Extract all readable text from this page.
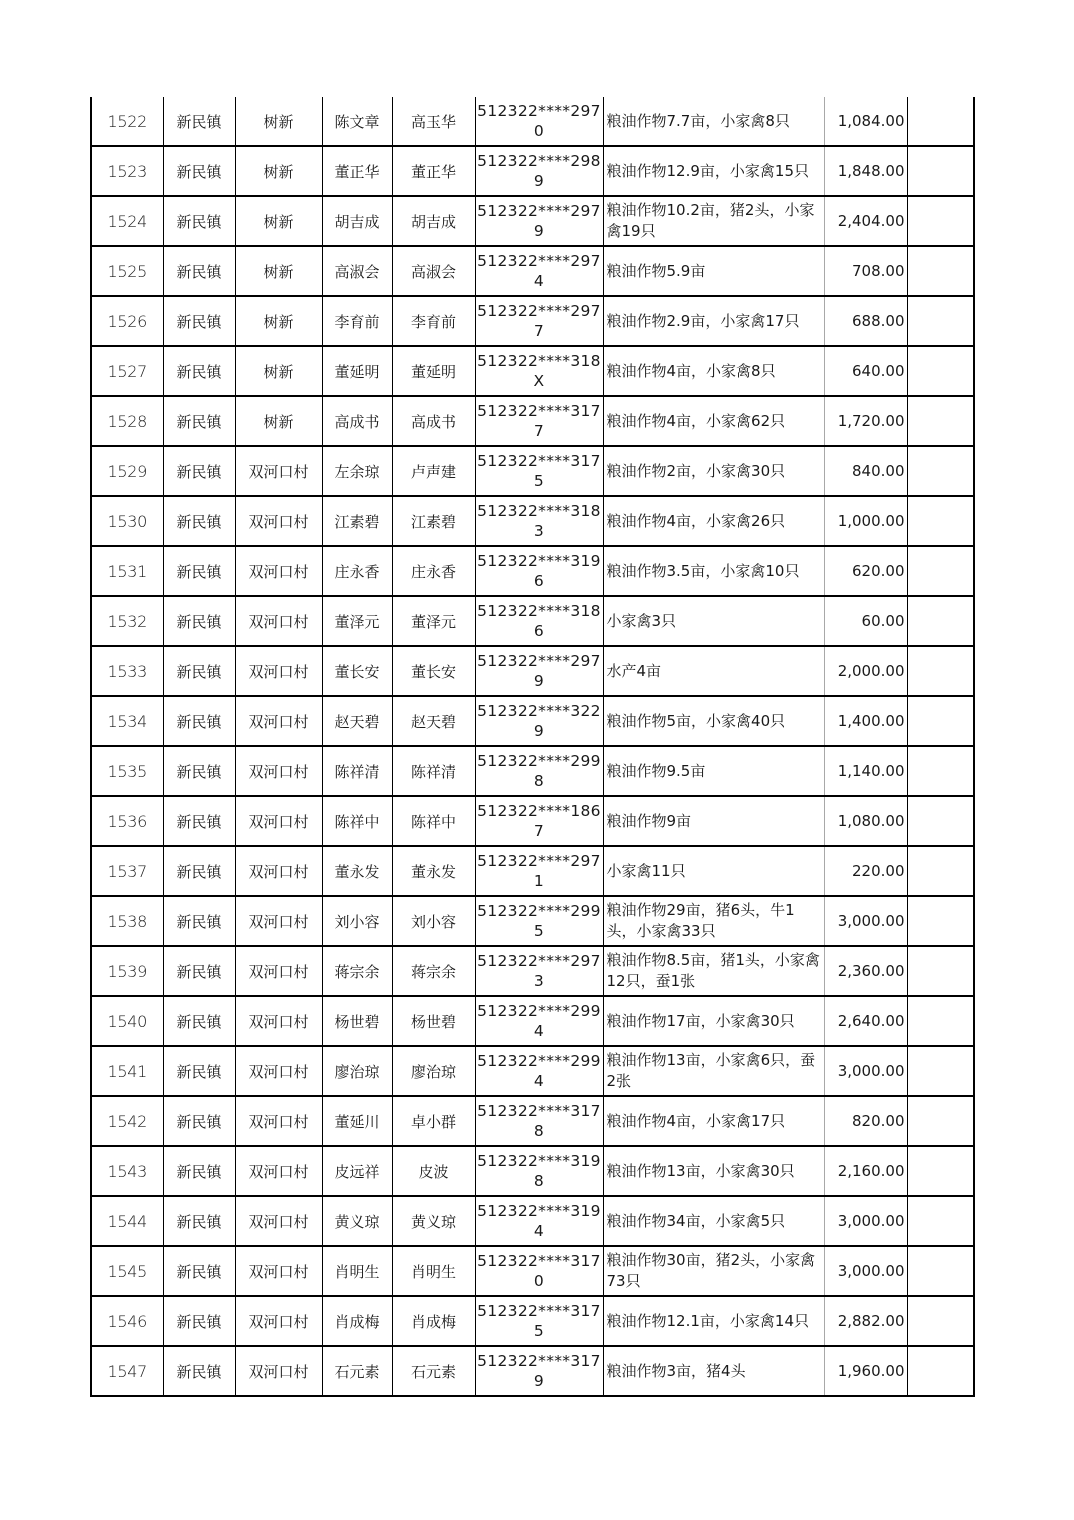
1522	新民镇	树新	陈文章	高玉华	512322****2970	粮油作物7.7亩，小家禽8只	1,084.00	
1523	新民镇	树新	董正华	董正华	512322****2989	粮油作物12.9亩，小家禽15只	1,848.00	
1524	新民镇	树新	胡吉成	胡吉成	512322****2979	粮油作物10.2亩，猪2头，小家禽19只	2,404.00	
1525	新民镇	树新	高淑会	高淑会	512322****2974	粮油作物5.9亩	708.00	
1526	新民镇	树新	李育前	李育前	512322****2977	粮油作物2.9亩，小家禽17只	688.00	
1527	新民镇	树新	董延明	董延明	512322****318X	粮油作物4亩，小家禽8只	640.00	
1528	新民镇	树新	高成书	高成书	512322****3177	粮油作物4亩，小家禽62只	1,720.00	
1529	新民镇	双河口村	左余琼	卢声建	512322****3175	粮油作物2亩，小家禽30只	840.00	
1530	新民镇	双河口村	江素碧	江素碧	512322****3183	粮油作物4亩，小家禽26只	1,000.00	
1531	新民镇	双河口村	庄永香	庄永香	512322****3196	粮油作物3.5亩，小家禽10只	620.00	
1532	新民镇	双河口村	董泽元	董泽元	512322****3186	小家禽3只	60.00	
1533	新民镇	双河口村	董长安	董长安	512322****2979	水产4亩	2,000.00	
1534	新民镇	双河口村	赵天碧	赵天碧	512322****3229	粮油作物5亩，小家禽40只	1,400.00	
1535	新民镇	双河口村	陈祥清	陈祥清	512322****2998	粮油作物9.5亩	1,140.00	
1536	新民镇	双河口村	陈祥中	陈祥中	512322****1867	粮油作物9亩	1,080.00	
1537	新民镇	双河口村	董永发	董永发	512322****2971	小家禽11只	220.00	
1538	新民镇	双河口村	刘小容	刘小容	512322****2995	粮油作物29亩，猪6头，牛1头，小家禽33只	3,000.00	
1539	新民镇	双河口村	蒋宗余	蒋宗余	512322****2973	粮油作物8.5亩，猪1头，小家禽12只，蚕1张	2,360.00	
1540	新民镇	双河口村	杨世碧	杨世碧	512322****2994	粮油作物17亩，小家禽30只	2,640.00	
1541	新民镇	双河口村	廖治琼	廖治琼	512322****2994	粮油作物13亩，小家禽6只，蚕2张	3,000.00	
1542	新民镇	双河口村	董延川	卓小群	512322****3178	粮油作物4亩，小家禽17只	820.00	
1543	新民镇	双河口村	皮远祥	皮波	512322****3198	粮油作物13亩，小家禽30只	2,160.00	
1544	新民镇	双河口村	黄义琼	黄义琼	512322****3194	粮油作物34亩，小家禽5只	3,000.00	
1545	新民镇	双河口村	肖明生	肖明生	512322****3170	粮油作物30亩，猪2头，小家禽73只	3,000.00	
1546	新民镇	双河口村	肖成梅	肖成梅	512322****3175	粮油作物12.1亩，小家禽14只	2,882.00	
1547	新民镇	双河口村	石元素	石元素	512322****3179	粮油作物3亩，猪4头	1,960.00	
